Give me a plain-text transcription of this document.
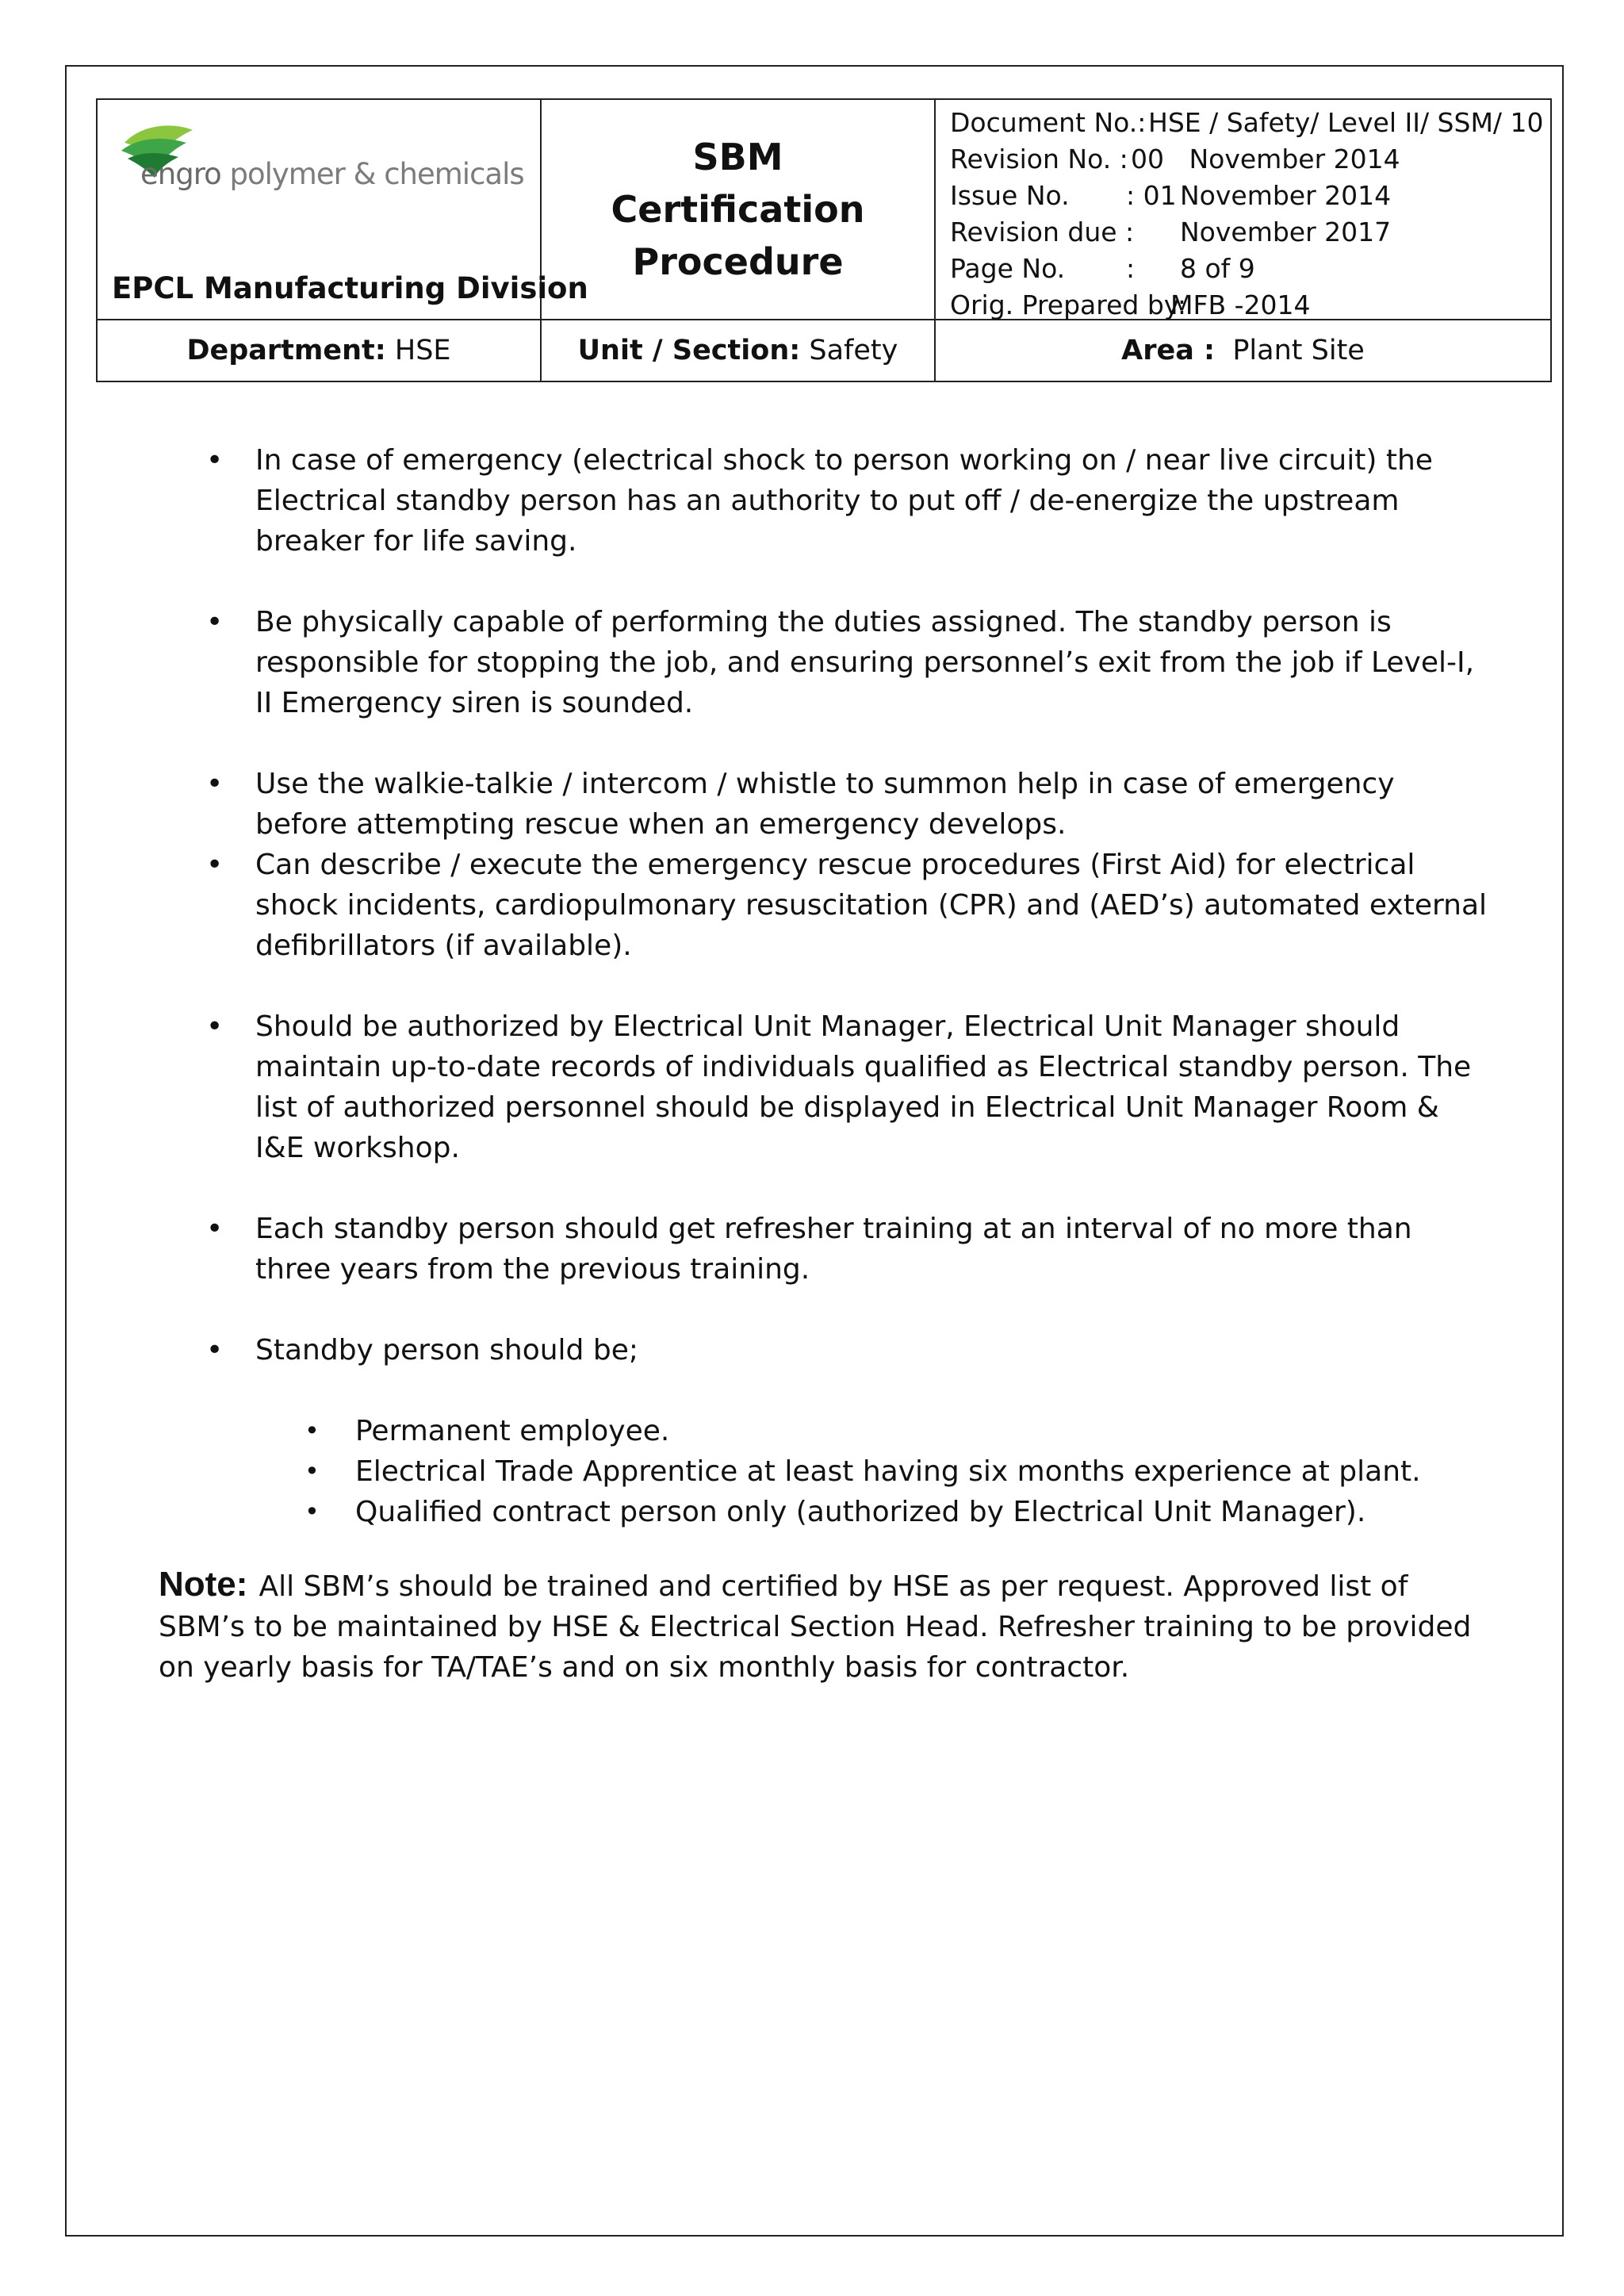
engro polymer & chemicals
EPCL Manufacturing Division
SBM Certification
Procedure
Document No.: HSE / Safety/ Level II/ SSM/ 10
Revision No. : 00   November 2014
Issue No.	: 01 November 2014
Revision due :	November 2017
Page No.	:	8 of 9
Orig. Prepared by:
MFB -2014
Department: HSE	Unit / Section: Safety	Area : Plant Site
• In case of emergency (electrical shock to person working on / near live circuit) the Electrical standby person has an authority to put off / de-energize the upstream breaker for life saving.
• Be physically capable of performing the duties assigned. The standby person is responsible for stopping the job, and ensuring personnel’s exit from the job if Level-I, II Emergency siren is sounded.
• Use the walkie-talkie / intercom / whistle to summon help in case of emergency before attempting rescue when an emergency develops.
• Can describe / execute the emergency rescue procedures (First Aid) for electrical shock incidents, cardiopulmonary resuscitation (CPR) and (AED’s) automated external defibrillators (if available).
• Should be authorized by Electrical Unit Manager, Electrical Unit Manager should maintain up-to-date records of individuals qualified as Electrical standby person. The list of authorized personnel should be displayed in Electrical Unit Manager Room & I&E workshop.
• Each standby person should get refresher training at an interval of no more than three years from the previous training.
• Standby person should be;
• Permanent employee.
• Electrical Trade Apprentice at least having six months experience at plant.
• Qualified contract person only (authorized by Electrical Unit Manager).
Note: All SBM’s should be trained and certified by HSE as per request. Approved list of SBM’s to be maintained by HSE & Electrical Section Head. Refresher training to be provided on yearly basis for TA/TAE’s and on six monthly basis for contractor.
